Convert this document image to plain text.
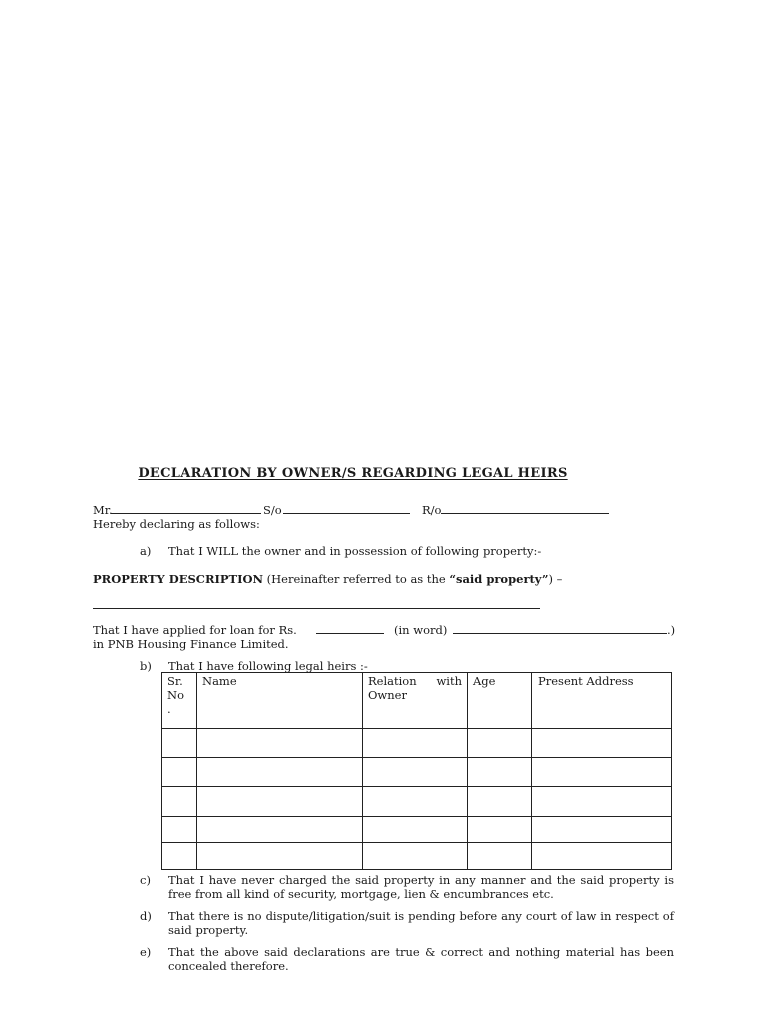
DECLARATION BY OWNER/S REGARDING LEGAL HEIRS
Mr.	S/o	R/o
Hereby declaring as follows:
a) That I WILL the owner and in possession of following property:-
PROPERTY DESCRIPTION (Hereinafter referred to as the “said property”) –
That I have applied for loan for Rs.	(in word)	.)
in PNB Housing Finance Limited.
b) That I have following legal heirs :-
Sr. No .	Name	Relation with Owner	Age	Present Address

c) That I have never charged the said property in any manner and the said property is free from all kind of security, mortgage, lien & encumbrances etc.
d) That there is no dispute/litigation/suit is pending before any court of law in respect of said property.
e) That the above said declarations are true & correct and nothing material has been concealed therefore.
